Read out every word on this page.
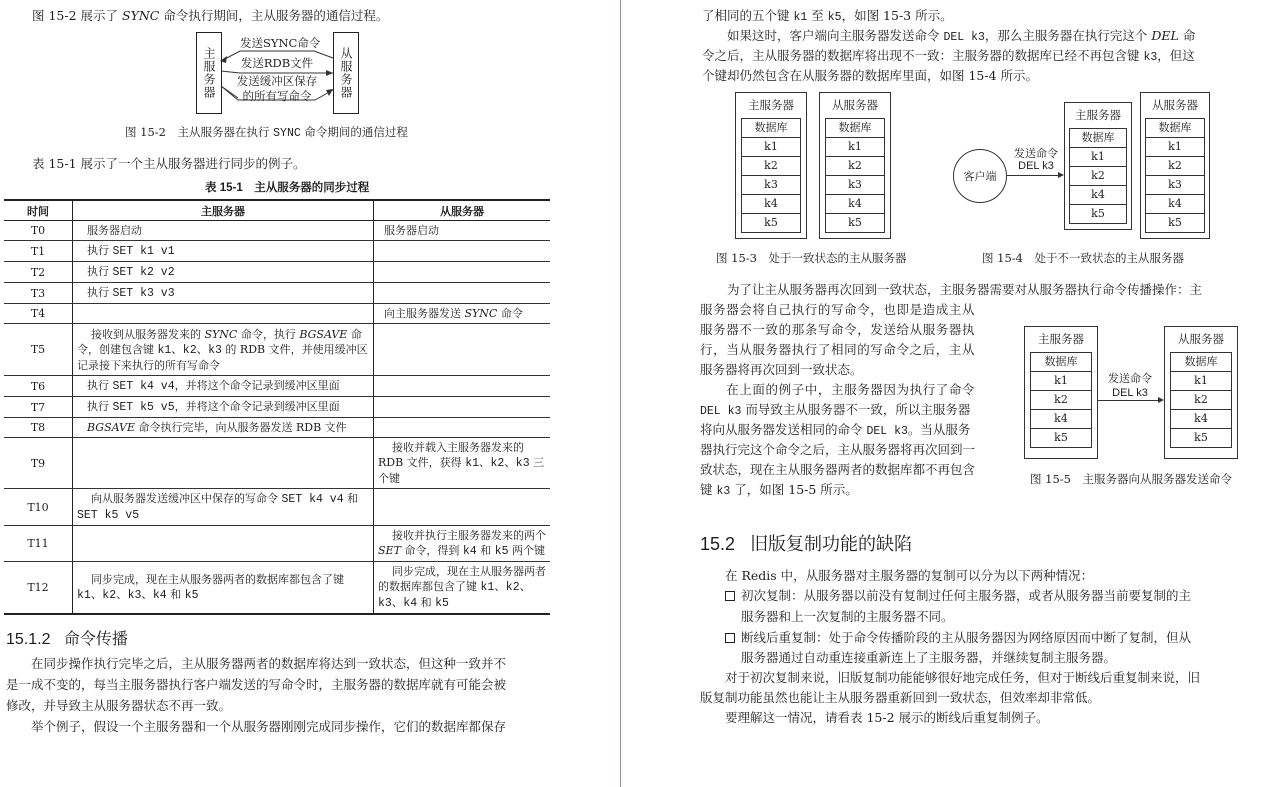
图 15-2 展示了 SYNC 命令执行期间，主从服务器的通信过程。
主服务器	从服务器
发送SYNC命令
发送RDB文件
发送缓冲区保存
的所有写命令
图 15-2　主从服务器在执行 SYNC 命令期间的通信过程
表 15-1 展示了一个主从服务器进行同步的例子。
表 15-1　主从服务器的同步过程
时间	主服务器	从服务器
T0	服务器启动	服务器启动
T1	执行 SET k1 v1	
T2	执行 SET k2 v2	
T3	执行 SET k3 v3	
T4		向主服务器发送 SYNC 命令
T5	接收到从服务器发来的 SYNC 命令，执行 BGSAVE 命令，创建包含键 k1、k2、k3 的 RDB 文件，并使用缓冲区记录接下来执行的所有写命令	
T6	执行 SET k4 v4，并将这个命令记录到缓冲区里面	
T7	执行 SET k5 v5，并将这个命令记录到缓冲区里面	
T8	BGSAVE 命令执行完毕，向从服务器发送 RDB 文件	
T9		接收并载入主服务器发来的 RDB 文件，获得 k1、k2、k3 三个键
T10	向从服务器发送缓冲区中保存的写命令 SET k4 v4 和 SET k5 v5	
T11		接收并执行主服务器发来的两个 SET 命令，得到 k4 和 k5 两个键
T12	同步完成，现在主从服务器两者的数据库都包含了键 k1、k2、k3、k4 和 k5	同步完成，现在主从服务器两者的数据库都包含了键 k1、k2、k3、k4 和 k5
15.1.2 命令传播
　　在同步操作执行完毕之后，主从服务器两者的数据库将达到一致状态，但这种一致并不
是一成不变的，每当主服务器执行客户端发送的写命令时，主服务器的数据库就有可能会被
修改，并导致主从服务器状态不再一致。
　　举个例子，假设一个主服务器和一个从服务器刚刚完成同步操作，它们的数据库都保存
了相同的五个键 k1 至 k5，如图 15-3 所示。
　　如果这时，客户端向主服务器发送命令 DEL k3，那么主服务器在执行完这个 DEL 命
令之后，主从服务器的数据库将出现不一致：主服务器的数据库已经不再包含键 k3，但这
个键却仍然包含在从服务器的数据库里面，如图 15-4 所示。
主服务器
数据库
k1
k2
k3
k4
k5
从服务器
数据库
k1
k2
k3
k4
k5
图 15-3　处于一致状态的主从服务器
客户端
发送命令
DEL k3
主服务器
数据库
k1
k2
k4
k5
从服务器
数据库
k1
k2
k3
k4
k5
图 15-4　处于不一致状态的主从服务器
　　为了让主从服务器再次回到一致状态，主服务器需要对从服务器执行命令传播操作：主
服务器会将自己执行的写命令，也即是造成主从
服务器不一致的那条写命令，发送给从服务器执
行，当从服务器执行了相同的写命令之后，主从
服务器将再次回到一致状态。
　　在上面的例子中，主服务器因为执行了命令
DEL k3 而导致主从服务器不一致，所以主服务器
将向从服务器发送相同的命令 DEL k3。当从服务
器执行完这个命令之后，主从服务器将再次回到一
致状态，现在主从服务器两者的数据库都不再包含
键 k3 了，如图 15-5 所示。
主服务器
数据库
k1
k2
k4
k5
发送命令
DEL k3
从服务器
数据库
k1
k2
k4
k5
图 15-5　主服务器向从服务器发送命令
15.2 旧版复制功能的缺陷
在 Redis 中，从服务器对主服务器的复制可以分为以下两种情况：
初次复制：从服务器以前没有复制过任何主服务器，或者从服务器当前要复制的主
服务器和上一次复制的主服务器不同。
断线后重复制：处于命令传播阶段的主从服务器因为网络原因而中断了复制，但从
服务器通过自动重连接重新连上了主服务器，并继续复制主服务器。
　　对于初次复制来说，旧版复制功能能够很好地完成任务，但对于断线后重复制来说，旧
版复制功能虽然也能让主从服务器重新回到一致状态，但效率却非常低。
　　要理解这一情况，请看表 15-2 展示的断线后重复制例子。
